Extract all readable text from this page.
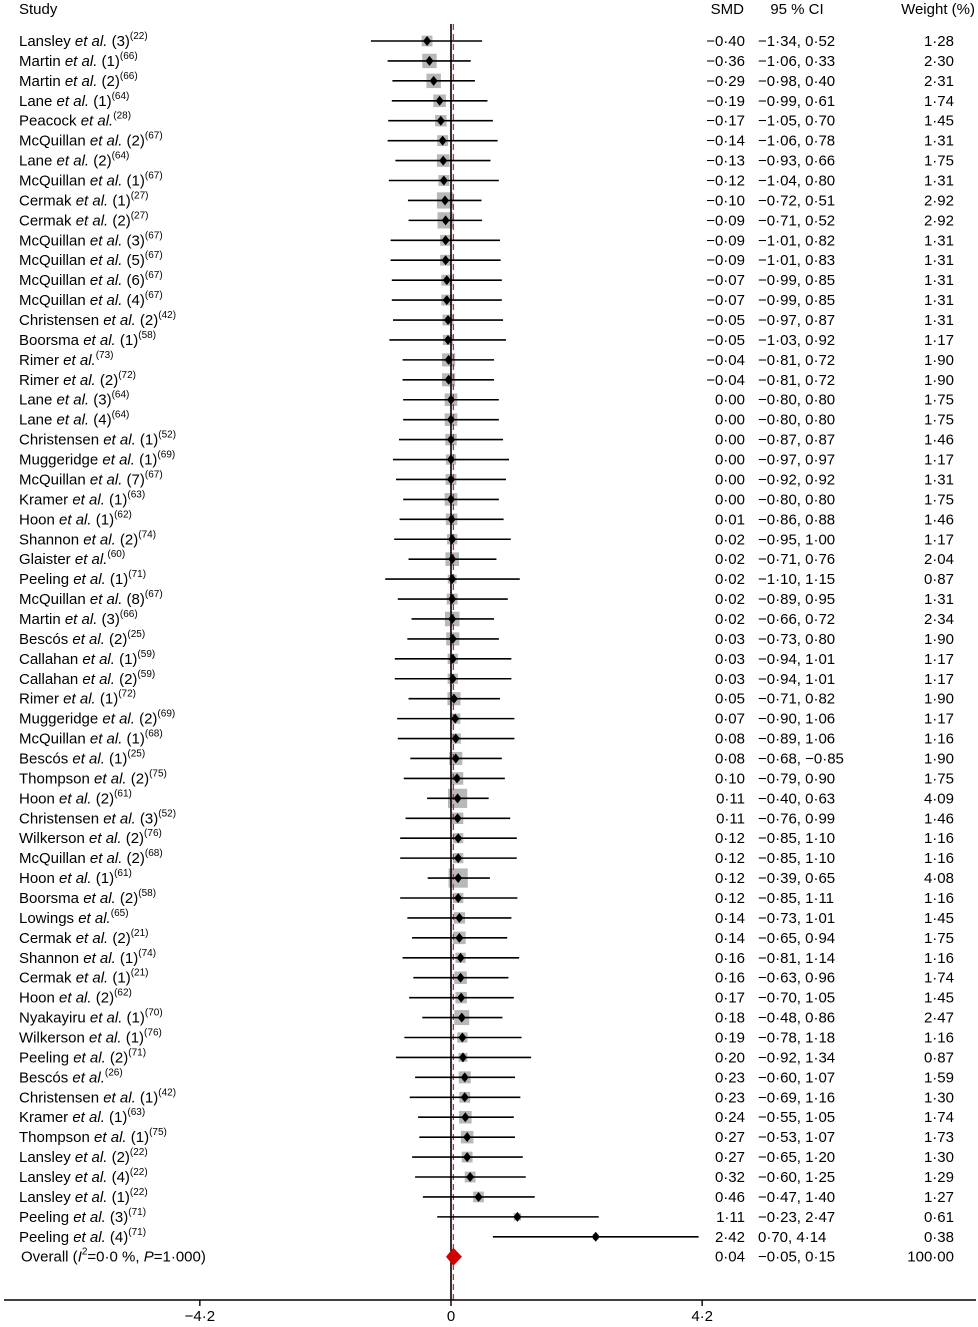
Study	SMD 95 % CI	Weight (%)
Lansley et al. $(3)^{(22)}$	−0·40 −1·34, 0·52	1·28
Martin et al. $(1)^{(66)}$	−0·36 −1·06, 0·33	2·30
Martin et al. $(2)^{(66)}$	−0·29 −0·98, 0·40	2·31
Lane et al. $(1)^{(64)}$	−0·19 −0·99, 0·61	1·74
Peacock et al.$^{(28)}$	−0·17 −1·05, 0·70	1·45
McQuillan et al. $(2)^{(67)}$	−0·14 −1·06, 0·78	1·31
Lane et al. $(2)^{(64)}$	−0·13 −0·93, 0·66	1·75
McQuillan et al. $(1)^{(67)}$	−0·12 −1·04, 0·80	1·31
Cermak et al. $(1)^{(27)}$	−0·10 −0·72, 0·51	2·92
Cermak et al. $(2)^{(27)}$	−0·09 −0·71, 0·52	2·92
McQuillan et al. $(3)^{(67)}$	−0·09 −1·01, 0·82	1·31
McQuillan et al. $(5)^{(67)}$	−0·09 −1·01, 0·83	1·31
McQuillan et al. $(6)^{(67)}$	−0·07 −0·99, 0·85	1·31
McQuillan et al. $(4)^{(67)}$	−0·07 −0·99, 0·85	1·31
Christensen et al. $(2)^{(42)}$	−0·05 −0·97, 0·87	1·31
Boorsma et al. $(1)^{(58)}$	−0·05 −1·03, 0·92	1·17
Rimer et al.$^{(73)}$	−0·04 −0·81, 0·72	1·90
Rimer et al. $(2)^{(72)}$	−0·04 −0·81, 0·72	1·90
Lane et al. $(3)^{(64)}$	0·00 −0·80, 0·80	1·75
Lane et al. $(4)^{(64)}$	0·00 −0·80, 0·80	1·75
Christensen et al. $(1)^{(52)}$	0·00 −0·87, 0·87	1·46
Muggeridge et al. $(1)^{(69)}$	0·00 −0·97, 0·97	1·17
McQuillan et al. $(7)^{(67)}$	0·00 −0·92, 0·92	1·31
Kramer et al. $(1)^{(63)}$	0·00 −0·80, 0·80	1·75
Hoon et al. $(1)^{(62)}$	0·01 −0·86, 0·88	1·46
Shannon et al. $(2)^{(74)}$	0·02 −0·95, 1·00	1·17
Glaister et al.$^{(60)}$	0·02 −0·71, 0·76	2·04
Peeling et al. $(1)^{(71)}$	0·02 −1·10, 1·15	0·87
McQuillan et al. $(8)^{(67)}$	0·02 −0·89, 0·95	1·31
Martin et al. $(3)^{(66)}$	0·02 −0·66, 0·72	2·34
Bescós et al. $(2)^{(25)}$	0·03 −0·73, 0·80	1·90
Callahan et al. $(1)^{(59)}$	0·03 −0·94, 1·01	1·17
Callahan et al. $(2)^{(59)}$	0·03 −0·94, 1·01	1·17
Rimer et al. $(1)^{(72)}$	0·05 −0·71, 0·82	1·90
Muggeridge et al. $(2)^{(69)}$	0·07 −0·90, 1·06	1·17
McQuillan et al. $(1)^{(68)}$	0·08 −0·89, 1·06	1·16
Bescós et al. $(1)^{(25)}$	0·08 −0·68, −0·85	1·90
Thompson et al. $(2)^{(75)}$	0·10 −0·79, 0·90	1·75
Hoon et al. $(2)^{(61)}$	0·11 −0·40, 0·63	4·09
Christensen et al. $(3)^{(52)}$	0·11 −0·76, 0·99	1·46
Wilkerson et al. $(2)^{(76)}$	0·12 −0·85, 1·10	1·16
McQuillan et al. $(2)^{(68)}$	0·12 −0·85, 1·10	1·16
Hoon et al. $(1)^{(61)}$	0·12 −0·39, 0·65	4·08
Boorsma et al. $(2)^{(58)}$	0·12 −0·85, 1·11	1·16
Lowings et al.$^{(65)}$	0·14 −0·73, 1·01	1·45
Cermak et al. $(2)^{(21)}$	0·14 −0·65, 0·94	1·75
Shannon et al. $(1)^{(74)}$	0·16 −0·81, 1·14	1·16
Cermak et al. $(1)^{(21)}$	0·16 −0·63, 0·96	1·74
Hoon et al. $(2)^{(62)}$	0·17 −0·70, 1·05	1·45
Nyakayiru et al. $(1)^{(70)}$	0·18 −0·48, 0·86	2·47
Wilkerson et al. $(1)^{(76)}$	0·19 −0·78, 1·18	1·16
Peeling et al. $(2)^{(71)}$	0·20 −0·92, 1·34	0·87
Bescós et al.$^{(26)}$	0·23 −0·60, 1·07	1·59
Christensen et al. $(1)^{(42)}$	0·23 −0·69, 1·16	1·30
Kramer et al. $(1)^{(63)}$	0·24 −0·55, 1·05	1·74
Thompson et al. $(1)^{(75)}$	0·27 −0·53, 1·07	1·73
Lansley et al. $(2)^{(22)}$	0·27 −0·65, 1·20	1·30
Lansley et al. $(4)^{(22)}$	0·32 −0·60, 1·25	1·29
Lansley et al. $(1)^{(22)}$	0·46 −0·47, 1·40	1·27
Peeling et al. $(3)^{(71)}$	1·11 −0·23, 2·47	0·61
Peeling et al. $(4)^{(71)}$	2·42 0·70, 4·14	0·38
Overall ($I^2=0\cdot 0$ %, P=1·000)	0·04 −0·05, 0·15	100·00
−4·2	0	4·2
